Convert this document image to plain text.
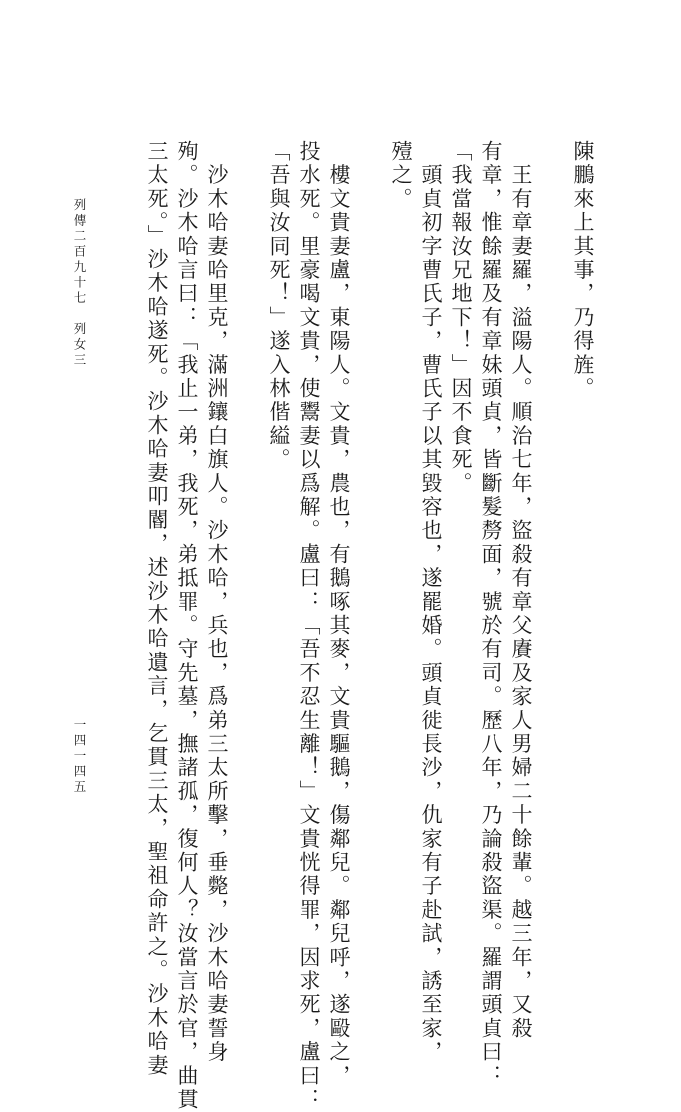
列傳二百九十七　列女三
一四一四五
陳鵬來上其事，乃得旌。
　王有章妻羅，溢陽人。順治七年，盜殺有章父賡及家人男婦二十餘輩。越三年，又殺
有章，惟餘羅及有章妹頭貞，皆斷髮剺面，號於有司。歷八年，乃論殺盜渠。羅謂頭貞曰：
「我當報汝兄地下！」因不食死。
　頭貞初字曹氏子，曹氏子以其毀容也，遂罷婚。頭貞徙長沙，仇家有子赴試，誘至家，
殪之。
　樓文貴妻盧，東陽人。文貴，農也，有鵝啄其麥，文貴驅鵝，傷鄰兒。鄰兒呼，遂毆之，
投水死。里豪喝文貴，使鬻妻以爲解。盧曰：「吾不忍生離！」文貴恍得罪，因求死，盧曰：
「吾與汝同死！」遂入林偕縊。
　沙木哈妻哈里克，滿洲鑲白旗人。沙木哈，兵也，爲弟三太所擊，垂斃，沙木哈妻誓身
殉。沙木哈言曰：「我止一弟，我死，弟抵罪。守先墓，撫諸孤，復何人？汝當言於官，曲貫
三太死。」沙木哈遂死。沙木哈妻叩閽，述沙木哈遺言，乞貫三太，聖祖命許之。沙木哈妻
